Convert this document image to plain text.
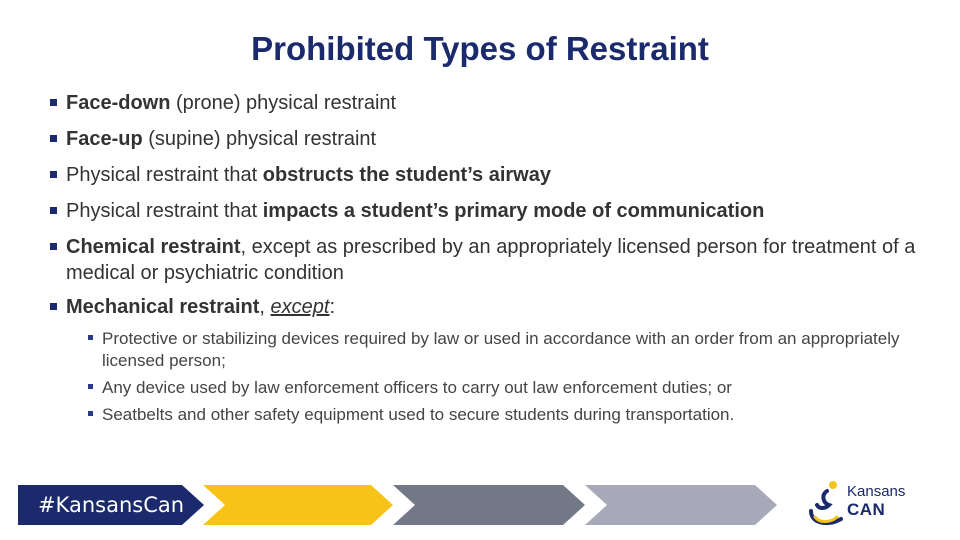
Prohibited Types of Restraint
Face-down (prone) physical restraint
Face-up (supine) physical restraint
Physical restraint that obstructs the student’s airway
Physical restraint that impacts a student’s primary mode of communication
Chemical restraint, except as prescribed by an appropriately licensed person for treatment of a medical or psychiatric condition
Mechanical restraint, except:
Protective or stabilizing devices required by law or used in accordance with an order from an appropriately licensed person;
Any device used by law enforcement officers to carry out law enforcement duties; or
Seatbelts and other safety equipment used to secure students during transportation.
#KansansCan
Kansans
CAN
